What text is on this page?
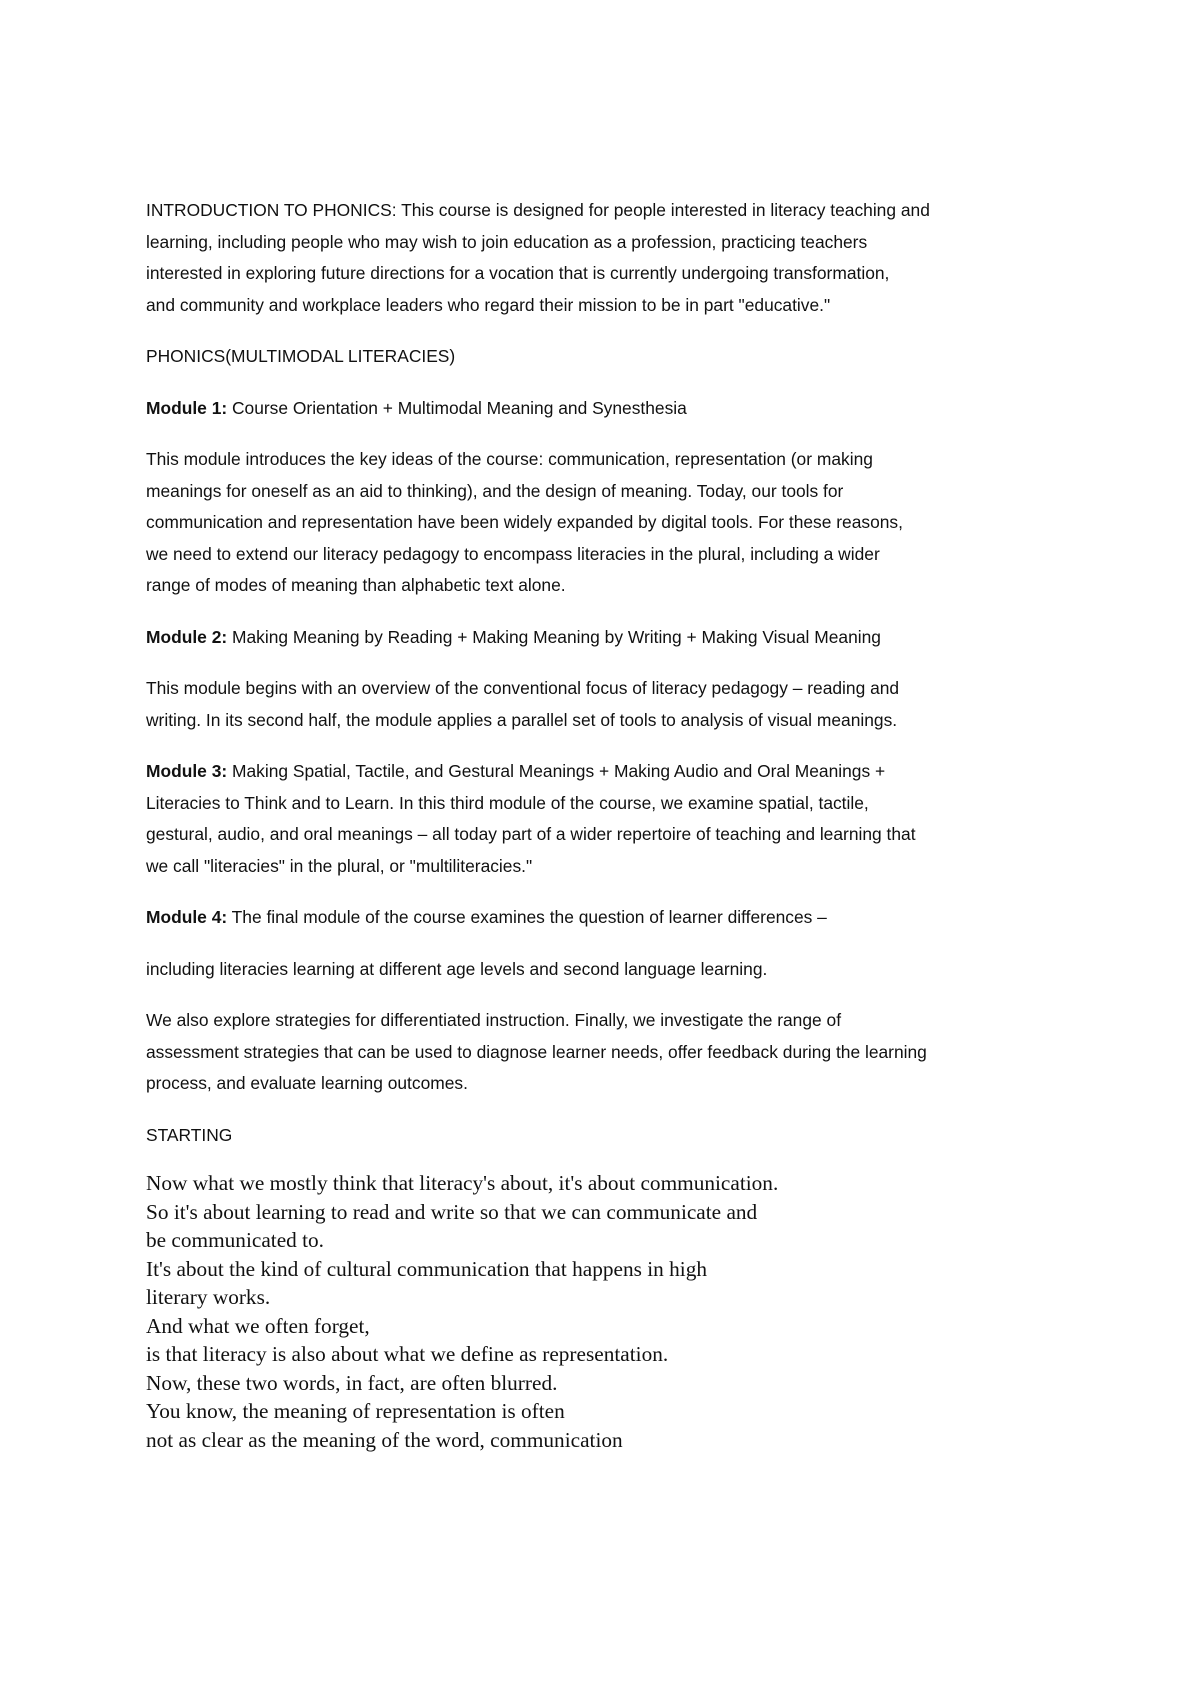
INTRODUCTION TO PHONICS: This course is designed for people interested in literacy teaching and
learning, including people who may wish to join education as a profession, practicing teachers
interested in exploring future directions for a vocation that is currently undergoing transformation,
and community and workplace leaders who regard their mission to be in part "educative."

PHONICS(MULTIMODAL LITERACIES)

Module 1: Course Orientation + Multimodal Meaning and Synesthesia

This module introduces the key ideas of the course: communication, representation (or making
meanings for oneself as an aid to thinking), and the design of meaning. Today, our tools for
communication and representation have been widely expanded by digital tools. For these reasons,
we need to extend our literacy pedagogy to encompass literacies in the plural, including a wider
range of modes of meaning than alphabetic text alone.

Module 2: Making Meaning by Reading + Making Meaning by Writing + Making Visual Meaning

This module begins with an overview of the conventional focus of literacy pedagogy – reading and
writing. In its second half, the module applies a parallel set of tools to analysis of visual meanings.

Module 3: Making Spatial, Tactile, and Gestural Meanings + Making Audio and Oral Meanings +
Literacies to Think and to Learn. In this third module of the course, we examine spatial, tactile,
gestural, audio, and oral meanings – all today part of a wider repertoire of teaching and learning that
we call "literacies" in the plural, or "multiliteracies."

Module 4: The final module of the course examines the question of learner differences –

including literacies learning at different age levels and second language learning.

We also explore strategies for differentiated instruction. Finally, we investigate the range of
assessment strategies that can be used to diagnose learner needs, offer feedback during the learning
process, and evaluate learning outcomes.

STARTING

Now what we mostly think that literacy's about, it's about communication.
So it's about learning to read and write so that we can communicate and
be communicated to.
It's about the kind of cultural communication that happens in high
literary works.
And what we often forget,
is that literacy is also about what we define as representation.
Now, these two words, in fact, are often blurred.
You know, the meaning of representation is often
not as clear as the meaning of the word, communication
